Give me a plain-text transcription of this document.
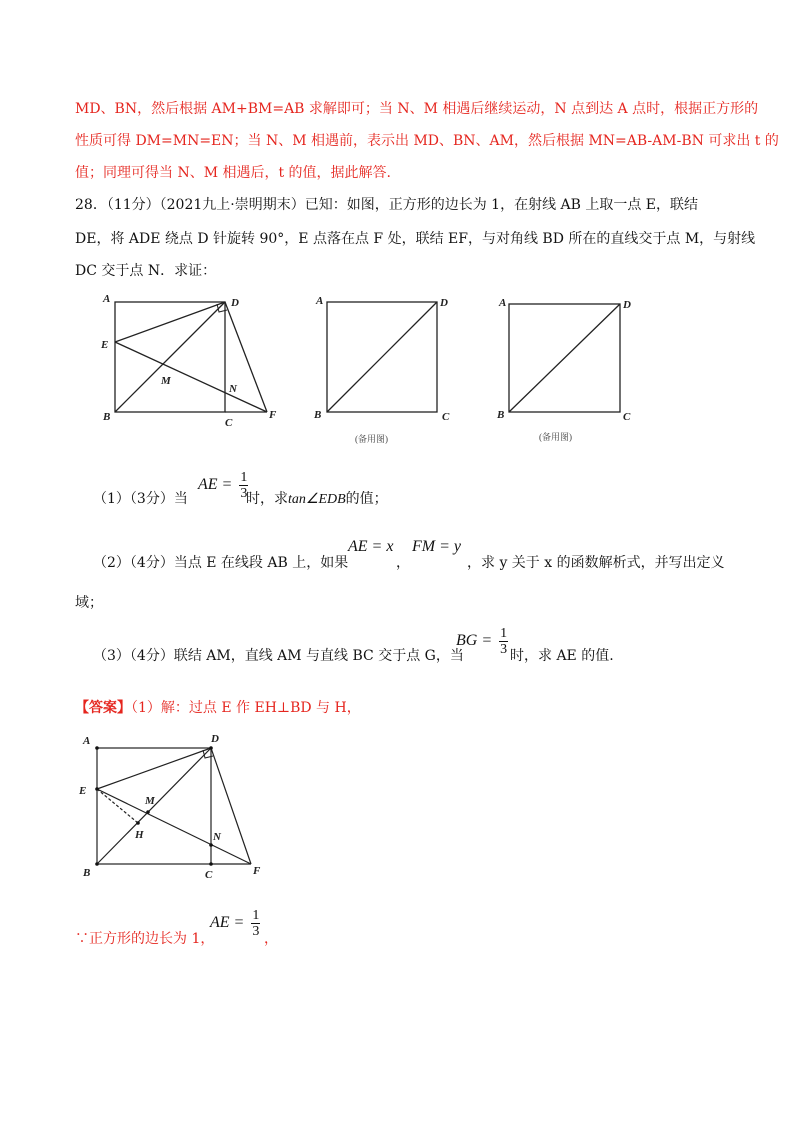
MD、BN，然后根据 AM+BM=AB 求解即可；当 N、M 相遇后继续运动，N 点到达 A 点时，根据正方形的
性质可得 DM=MN=EN；当 N、M 相遇前，表示出 MD、BN、AM，然后根据 MN=AB-AM-BN 可求出 t 的
值；同理可得当 N、M 相遇后，t 的值，据此解答.
28．（11分）（2021九上·崇明期末）已知：如图，正方形的边长为 1，在射线 AB 上取一点 E，联结
DE，将 ADE 绕点 D 针旋转 90°，E 点落在点 F 处，联结 EF，与对角线 BD 所在的直线交于点 M，与射线
DC 交于点 N．求证：
A	D
E
M
N
B	C
F
A	D
B	C
(备用图)
A	D
B	C
(备用图)
（1）（3分）当
AE = $\frac{1}{3}$
时，求tan∠EDB的值；
（2）（4分）当点 E 在线段 AB 上，如果
AE = x
，
FM = y
，求 y 关于 x 的函数解析式，并写出定义
域；
（3）（4分）联结 AM，直线 AM 与直线 BC 交于点 G，当
BG = $\frac{1}{3}$ 时，求 AE 的值.
【答案】（1）解：过点 E 作 EH⊥BD 与 H，
A	D
E
M
H	N
B	C	F
∵正方形的边长为 1，
AE = $\frac{1}{3}$ ，
